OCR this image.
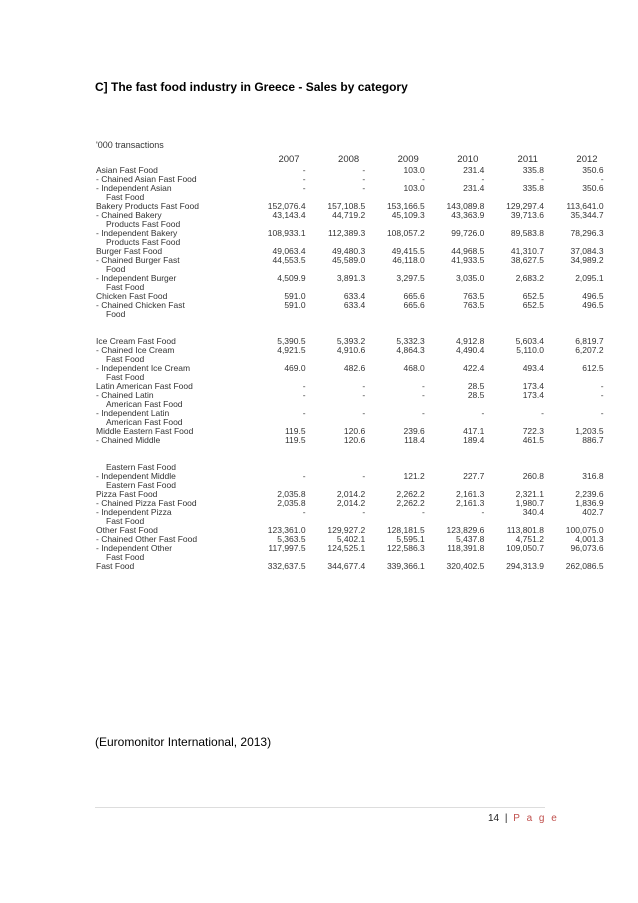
C] The fast food industry in Greece - Sales by category
'000 transactions
2007	2008	2009	2010	2011	2012
Asian Fast Food	-	-	103.0	231.4	335.8	350.6
- Chained Asian Fast Food	-	-	-	-	-	-
- Independent Asian	-	-	103.0	231.4	335.8	350.6
Fast Food
Bakery Products Fast Food	152,076.4	157,108.5	153,166.5	143,089.8	129,297.4	113,641.0
- Chained Bakery	43,143.4	44,719.2	45,109.3	43,363.9	39,713.6	35,344.7
Products Fast Food
- Independent Bakery	108,933.1	112,389.3	108,057.2	99,726.0	89,583.8	78,296.3
Products Fast Food
Burger Fast Food	49,063.4	49,480.3	49,415.5	44,968.5	41,310.7	37,084.3
- Chained Burger Fast	44,553.5	45,589.0	46,118.0	41,933.5	38,627.5	34,989.2
Food
- Independent Burger	4,509.9	3,891.3	3,297.5	3,035.0	2,683.2	2,095.1
Fast Food
Chicken Fast Food	591.0	633.4	665.6	763.5	652.5	496.5
- Chained Chicken Fast	591.0	633.4	665.6	763.5	652.5	496.5
Food
Ice Cream Fast Food	5,390.5	5,393.2	5,332.3	4,912.8	5,603.4	6,819.7
- Chained Ice Cream	4,921.5	4,910.6	4,864.3	4,490.4	5,110.0	6,207.2
Fast Food
- Independent Ice Cream	469.0	482.6	468.0	422.4	493.4	612.5
Fast Food
Latin American Fast Food	-	-	-	28.5	173.4	-
- Chained Latin	-	-	-	28.5	173.4	-
American Fast Food
- Independent Latin	-	-	-	-	-	-
American Fast Food
Middle Eastern Fast Food	119.5	120.6	239.6	417.1	722.3	1,203.5
- Chained Middle	119.5	120.6	118.4	189.4	461.5	886.7
Eastern Fast Food
- Independent Middle	-	-	121.2	227.7	260.8	316.8
Eastern Fast Food
Pizza Fast Food	2,035.8	2,014.2	2,262.2	2,161.3	2,321.1	2,239.6
- Chained Pizza Fast Food	2,035.8	2,014.2	2,262.2	2,161.3	1,980.7	1,836.9
- Independent Pizza	-	-	-	-	340.4	402.7
Fast Food
Other Fast Food	123,361.0	129,927.2	128,181.5	123,829.6	113,801.8	100,075.0
- Chained Other Fast Food	5,363.5	5,402.1	5,595.1	5,437.8	4,751.2	4,001.3
- Independent Other	117,997.5	124,525.1	122,586.3	118,391.8	109,050.7	96,073.6
Fast Food
Fast Food	332,637.5	344,677.4	339,366.1	320,402.5	294,313.9	262,086.5
(Euromonitor International, 2013)
14 | P a g e
